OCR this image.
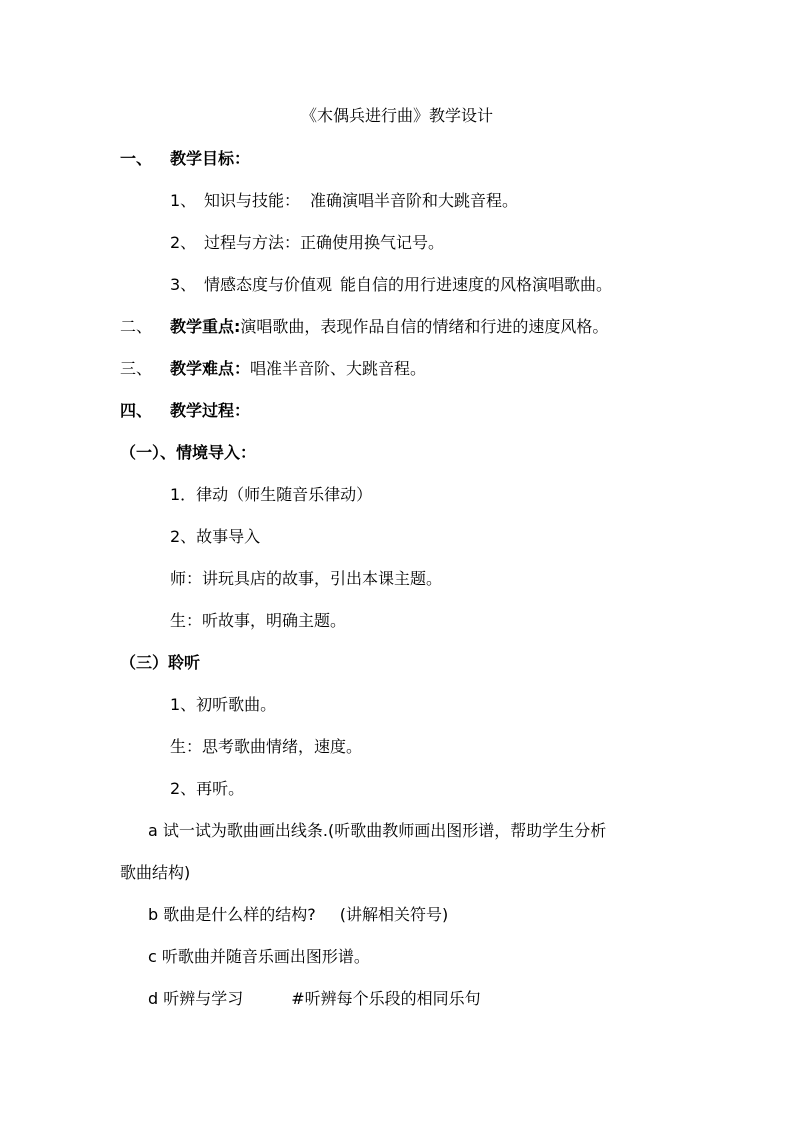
《木偶兵进行曲》教学设计
一、 教学目标：
1、 知识与技能： 准确演唱半音阶和大跳音程。
2、 过程与方法：正确使用换气记号。
3、 情感态度与价值观 能自信的用行进速度的风格演唱歌曲。
二、 教学重点:演唱歌曲，表现作品自信的情绪和行进的速度风格。
三、 教学难点：唱准半音阶、大跳音程。
四、 教学过程：
（一）、情境导入：
1．律动（师生随音乐律动）
2、故事导入
师：讲玩具店的故事，引出本课主题。
生：听故事，明确主题。
（三）聆听
1、初听歌曲。
生：思考歌曲情绪，速度。
2、再听。
a 试一试为歌曲画出线条.(听歌曲教师画出图形谱，帮助学生分析
歌曲结构)
b 歌曲是什么样的结构? (讲解相关符号)
c 听歌曲并随音乐画出图形谱。
d 听辨与学习	#听辨每个乐段的相同乐句
